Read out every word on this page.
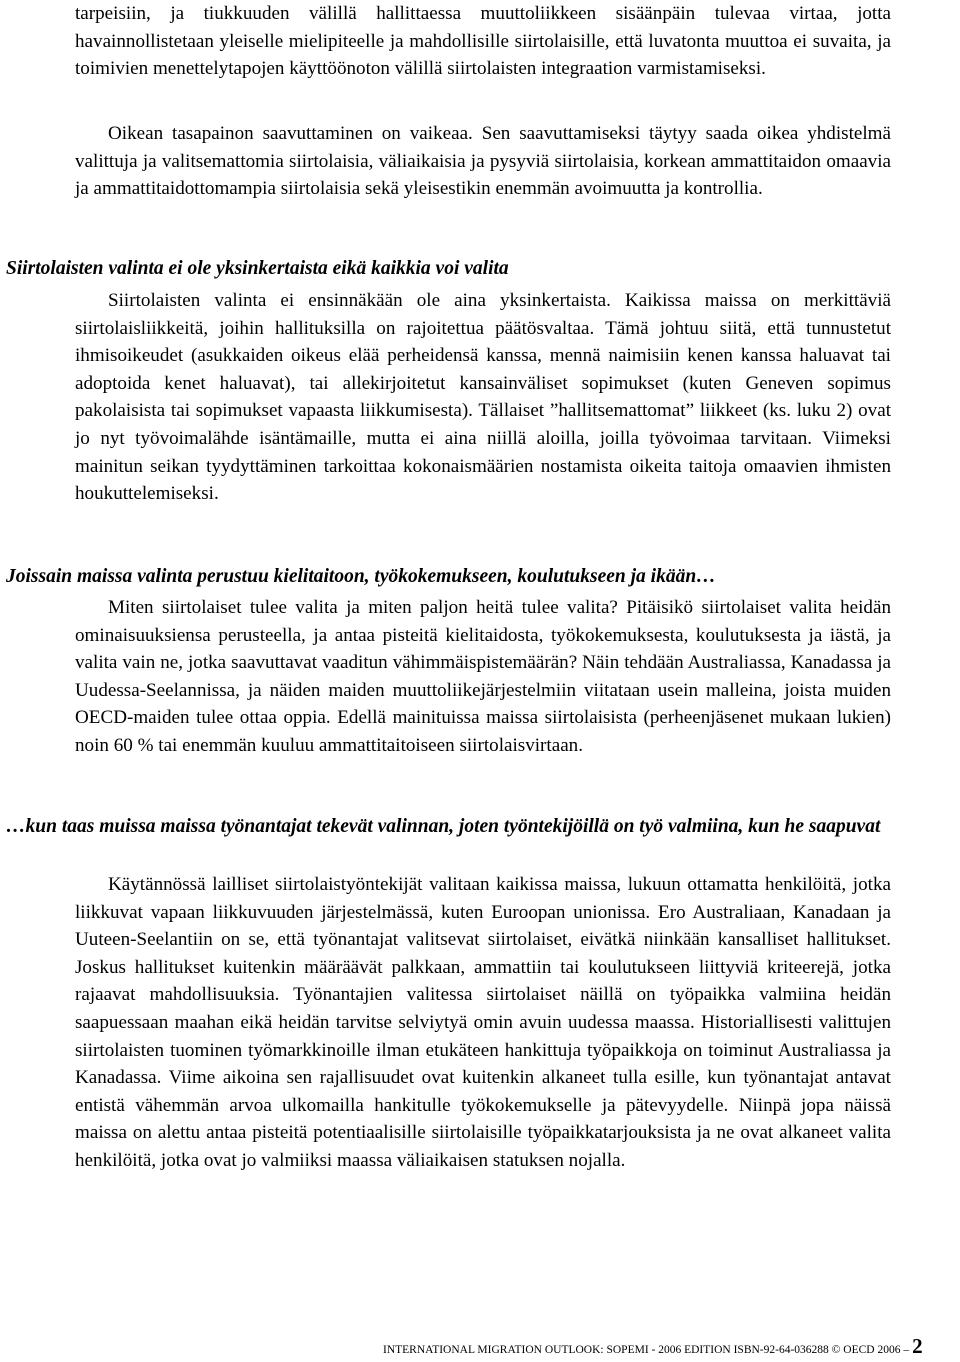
tarpeisiin, ja tiukkuuden välillä hallittaessa muuttoliikkeen sisäänpäin tulevaa virtaa, jotta havainnollistetaan yleiselle mielipiteelle ja mahdollisille siirtolaisille, että luvatonta muuttoa ei suvaita, ja toimivien menettelytapojen käyttöönoton välillä siirtolaisten integraation varmistamiseksi.

Oikean tasapainon saavuttaminen on vaikeaa. Sen saavuttamiseksi täytyy saada oikea yhdistelmä valittuja ja valitsemattomia siirtolaisia, väliaikaisia ja pysyviä siirtolaisia, korkean ammattitaidon omaavia ja ammattitaidottomampia siirtolaisia sekä yleisestikin enemmän avoimuutta ja kontrollia.

Siirtolaisten valinta ei ole yksinkertaista eikä kaikkia voi valita

Siirtolaisten valinta ei ensinnäkään ole aina yksinkertaista. Kaikissa maissa on merkittäviä siirtolaisliikkeitä, joihin hallituksilla on rajoitettua päätösvaltaa. Tämä johtuu siitä, että tunnustetut ihmisoikeudet (asukkaiden oikeus elää perheidensä kanssa, mennä naimisiin kenen kanssa haluavat tai adoptoida kenet haluavat), tai allekirjoitetut kansainväliset sopimukset (kuten Geneven sopimus pakolaisista tai sopimukset vapaasta liikkumisesta). Tällaiset ”hallitsemattomat” liikkeet (ks. luku 2) ovat jo nyt työvoimalähde isäntämaille, mutta ei aina niillä aloilla, joilla työvoimaa tarvitaan. Viimeksi mainitun seikan tyydyttäminen tarkoittaa kokonaismäärien nostamista oikeita taitoja omaavien ihmisten houkuttelemiseksi.

Joissain maissa valinta perustuu kielitaitoon, työkokemukseen, koulutukseen ja ikään…

Miten siirtolaiset tulee valita ja miten paljon heitä tulee valita? Pitäisikö siirtolaiset valita heidän ominaisuuksiensa perusteella, ja antaa pisteitä kielitaidosta, työkokemuksesta, koulutuksesta ja iästä, ja valita vain ne, jotka saavuttavat vaaditun vähimmäispistemäärän? Näin tehdään Australiassa, Kanadassa ja Uudessa-Seelannissa, ja näiden maiden muuttoliikejärjestelmiin viitataan usein malleina, joista muiden OECD-maiden tulee ottaa oppia. Edellä mainituissa maissa siirtolaisista (perheenjäsenet mukaan lukien) noin 60 % tai enemmän kuuluu ammattitaitoiseen siirtolaisvirtaan.

…kun taas muissa maissa työnantajat tekevät valinnan, joten työntekijöillä on työ valmiina, kun he saapuvat

Käytännössä lailliset siirtolaistyöntekijät valitaan kaikissa maissa, lukuun ottamatta henkilöitä, jotka liikkuvat vapaan liikkuvuuden järjestelmässä, kuten Euroopan unionissa. Ero Australiaan, Kanadaan ja Uuteen-Seelantiin on se, että työnantajat valitsevat siirtolaiset, eivätkä niinkään kansalliset hallitukset. Joskus hallitukset kuitenkin määräävät palkkaan, ammattiin tai koulutukseen liittyviä kriteerejä, jotka rajaavat mahdollisuuksia. Työnantajien valitessa siirtolaiset näillä on työpaikka valmiina heidän saapuessaan maahan eikä heidän tarvitse selviytyä omin avuin uudessa maassa. Historiallisesti valittujen siirtolaisten tuominen työmarkkinoille ilman etukäteen hankittuja työpaikkoja on toiminut Australiassa ja Kanadassa. Viime aikoina sen rajallisuudet ovat kuitenkin alkaneet tulla esille, kun työnantajat antavat entistä vähemmän arvoa ulkomailla hankitulle työkokemukselle ja pätevyydelle. Niinpä jopa näissä maissa on alettu antaa pisteitä potentiaalisille siirtolaisille työpaikkatarjouksista ja ne ovat alkaneet valita henkilöitä, jotka ovat jo valmiiksi maassa väliaikaisen statuksen nojalla.

INTERNATIONAL MIGRATION OUTLOOK: SOPEMI - 2006 EDITION ISBN-92-64-036288 © OECD 2006 – 2
